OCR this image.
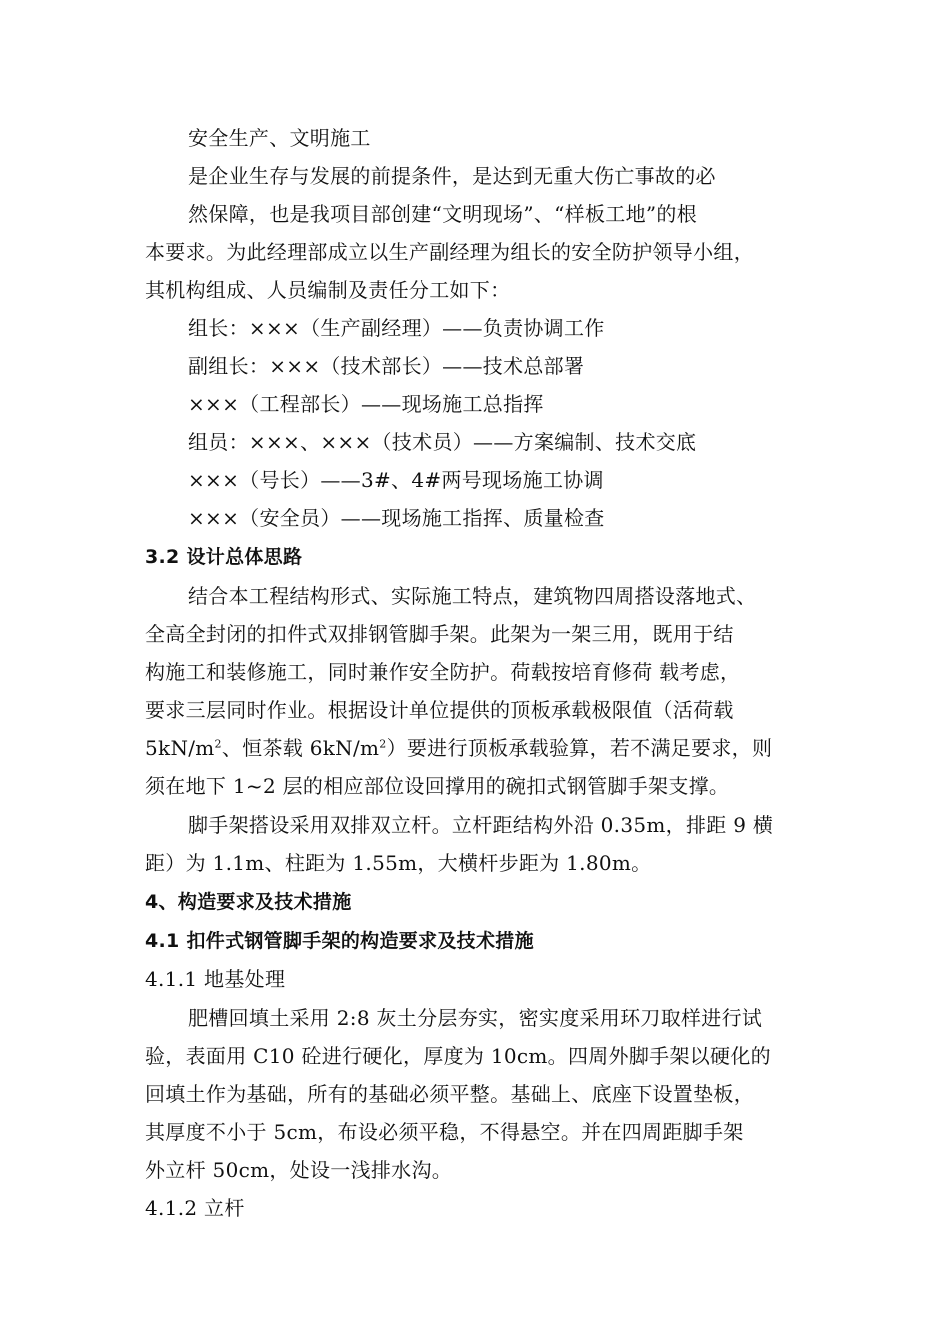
安全生产、文明施工
是企业生存与发展的前提条件，是达到无重大伤亡事故的必
然保障，也是我项目部创建“文明现场”、“样板工地”的根
本要求。为此经理部成立以生产副经理为组长的安全防护领导小组，
其机构组成、人员编制及责任分工如下：
组长：×××（生产副经理）——负责协调工作
副组长：×××（技术部长）——技术总部署
×××（工程部长）——现场施工总指挥
组员：×××、×××（技术员）——方案编制、技术交底
×××（号长）——3#、4#两号现场施工协调
×××（安全员）——现场施工指挥、质量检查
3.2 设计总体思路
结合本工程结构形式、实际施工特点，建筑物四周搭设落地式、
全高全封闭的扣件式双排钢管脚手架。此架为一架三用，既用于结
构施工和装修施工，同时兼作安全防护。荷载按培育修荷 载考虑，
要求三层同时作业。根据设计单位提供的顶板承载极限值（活荷载
$5kN/m^2$、恒茶载 $6kN/m^2$）要进行顶板承载验算，若不满足要求，则
须在地下 1~2 层的相应部位设回撑用的碗扣式钢管脚手架支撑。
脚手架搭设采用双排双立杆。立杆距结构外沿 0.35m，排距 9 横
距）为 1.1m、柱距为 1.55m，大横杆步距为 1.80m。
4、构造要求及技术措施
4.1 扣件式钢管脚手架的构造要求及技术措施
4.1.1 地基处理
肥槽回填土采用 2:8 灰土分层夯实，密实度采用环刀取样进行试
验，表面用 C10 砼进行硬化，厚度为 10cm。四周外脚手架以硬化的
回填土作为基础，所有的基础必须平整。基础上、底座下设置垫板，
其厚度不小于 5cm，布设必须平稳，不得悬空。并在四周距脚手架
外立杆 50cm，处设一浅排水沟。
4.1.2 立杆
